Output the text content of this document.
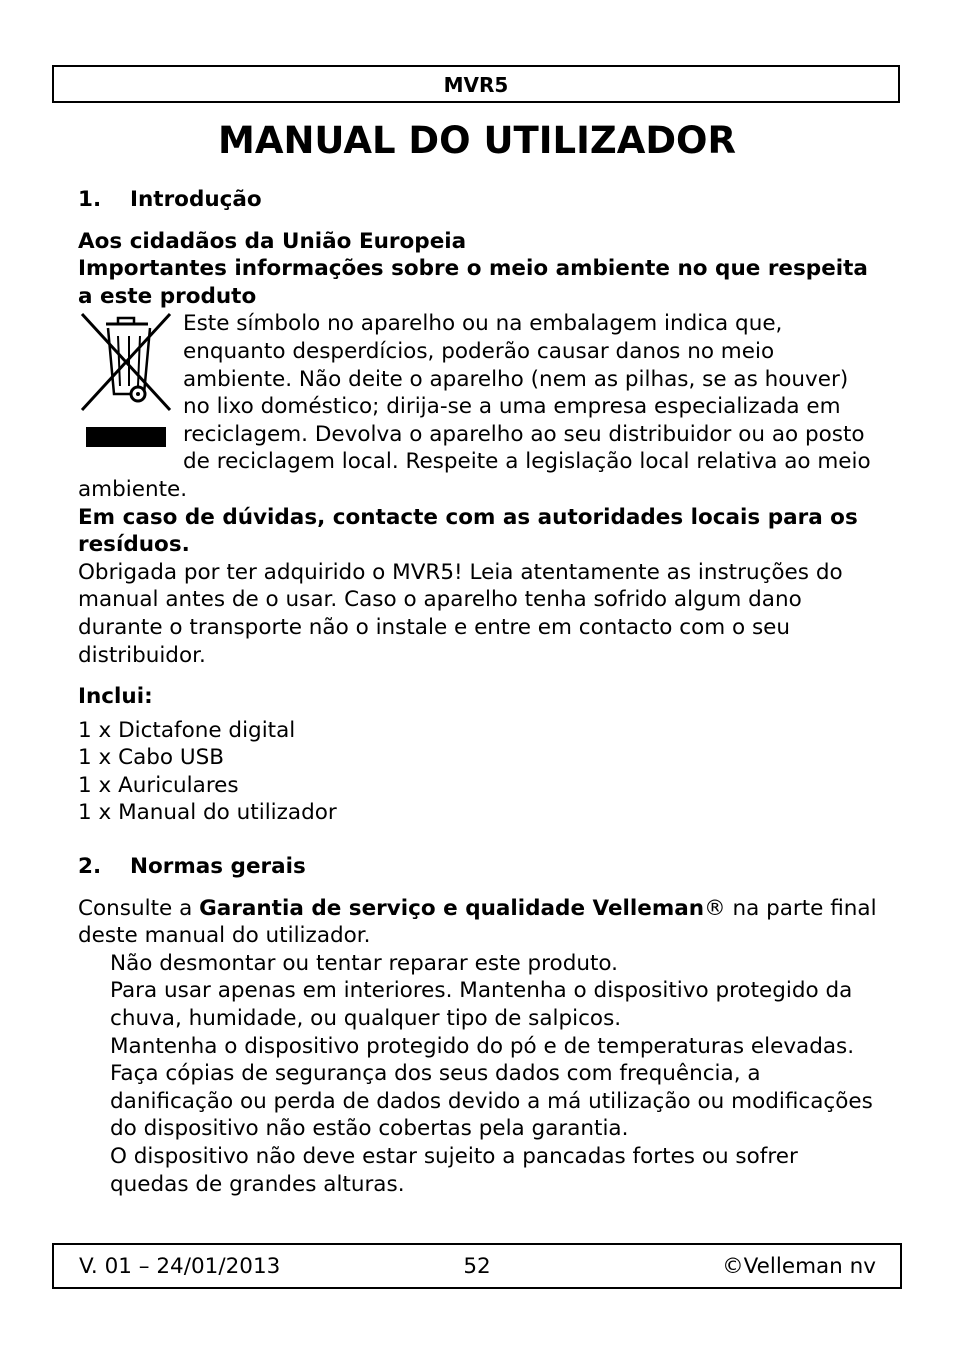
MVR5
MANUAL DO UTILIZADOR
1.	Introdução

Aos cidadãos da União Europeia

Importantes informações sobre o meio ambiente no que respeita a este produto

Este símbolo no aparelho ou na embalagem indica que, enquanto desperdícios, poderão causar danos no meio ambiente. Não deite o aparelho (nem as pilhas, se as houver) no lixo doméstico; dirija-se a uma empresa especializada em reciclagem. Devolva o aparelho ao seu distribuidor ou ao posto de reciclagem local. Respeite a legislação local relativa ao meio ambiente.

Em caso de dúvidas, contacte com as autoridades locais para os resíduos.

Obrigada por ter adquirido o MVR5! Leia atentamente as instruções do manual antes de o usar. Caso o aparelho tenha sofrido algum dano durante o transporte não o instale e entre em contacto com o seu distribuidor.

Inclui:

1 x Dictafone digital

1 x Cabo USB

1 x Auriculares

1 x Manual do utilizador

2.	Normas gerais

Consulte a Garantia de serviço e qualidade Velleman® na parte final deste manual do utilizador.

Não desmontar ou tentar reparar este produto.

Para usar apenas em interiores. Mantenha o dispositivo protegido da chuva, humidade, ou qualquer tipo de salpicos.

Mantenha o dispositivo protegido do pó e de temperaturas elevadas.

Faça cópias de segurança dos seus dados com frequência, a danificação ou perda de dados devido a má utilização ou modificações do dispositivo não estão cobertas pela garantia.

O dispositivo não deve estar sujeito a pancadas fortes ou sofrer quedas de grandes alturas.

52
V. 01 – 24/01/2013	©Velleman nv
